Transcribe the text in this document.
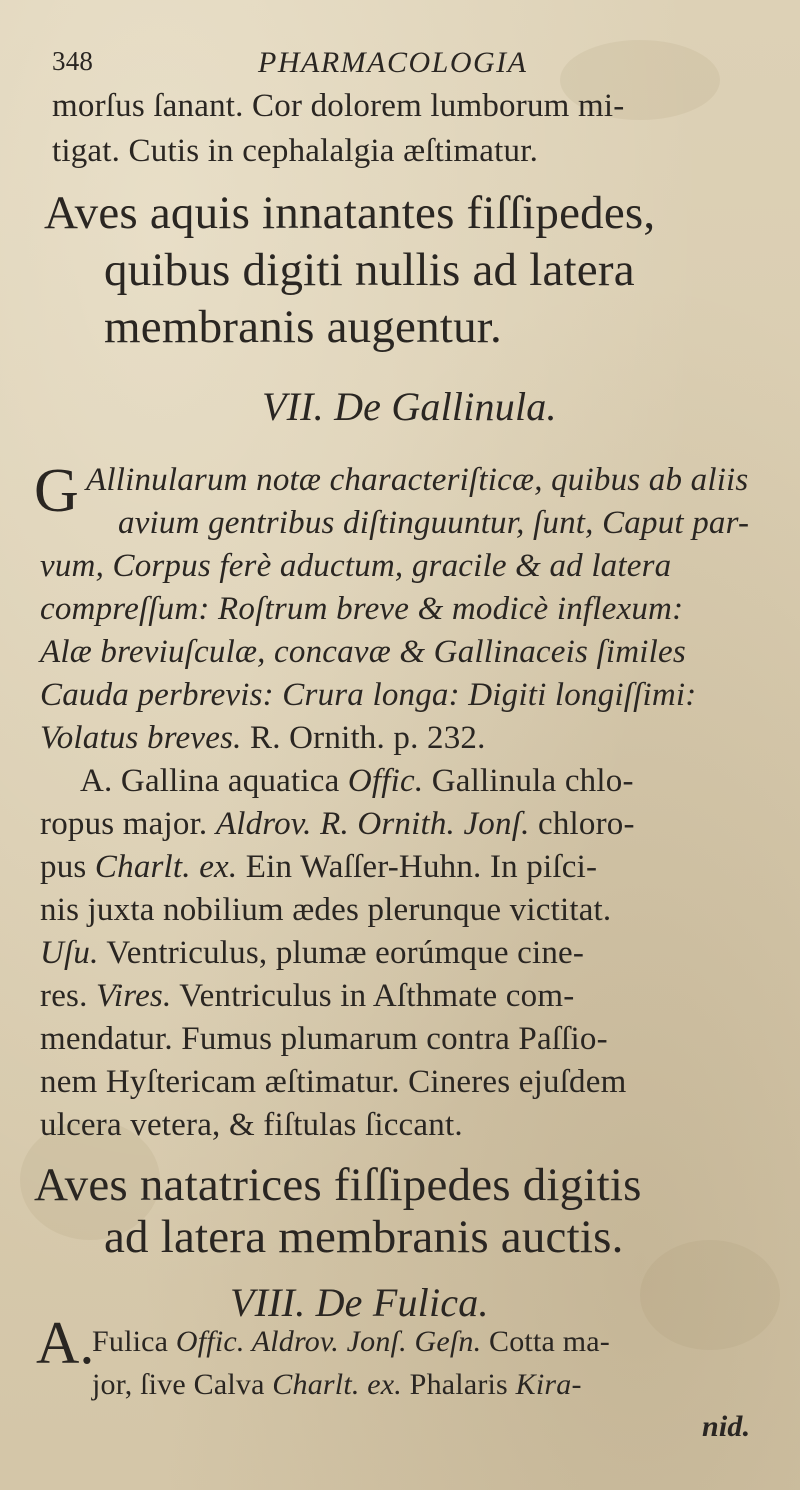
348	PHARMACOLOGIA
morſus ſanant. Cor dolorem lumborum mi-
tigat. Cutis in cephalalgia æſtimatur.
Aves aquis innatantes fiſſipedes,
quibus digiti nullis ad latera
membranis augentur.
VII. De Gallinula.
G Allinularum notæ characteriſticæ, quibus ab aliis
avium gentribus diſtinguuntur, ſunt, Caput par-
vum, Corpus ferè aductum, gracile & ad latera
compreſſum: Roſtrum breve & modicè inflexum:
Alæ breviuſculæ, concavæ & Gallinaceis ſimiles
Cauda perbrevis: Crura longa: Digiti longiſſimi:
Volatus breves. R. Ornith. p. 232.
A. Gallina aquatica Offic. Gallinula chlo-
ropus major. Aldrov. R. Ornith. Jonſ. chloro-
pus Charlt. ex. Ein Waſſer-Huhn. In piſci-
nis juxta nobilium ædes plerunque victitat.
Uſu. Ventriculus, plumæ eorúmque cine-
res. Vires. Ventriculus in Aſthmate com-
mendatur. Fumus plumarum contra Paſſio-
nem Hyſtericam æſtimatur. Cineres ejuſdem
ulcera vetera, & fiſtulas ſiccant.
Aves natatrices fiſſipedes digitis
ad latera membranis auctis.
VIII. De Fulica.
A.
Fulica Offic. Aldrov. Jonſ. Geſn. Cotta ma-
jor, ſive Calva Charlt. ex. Phalaris Kira-
nid.
